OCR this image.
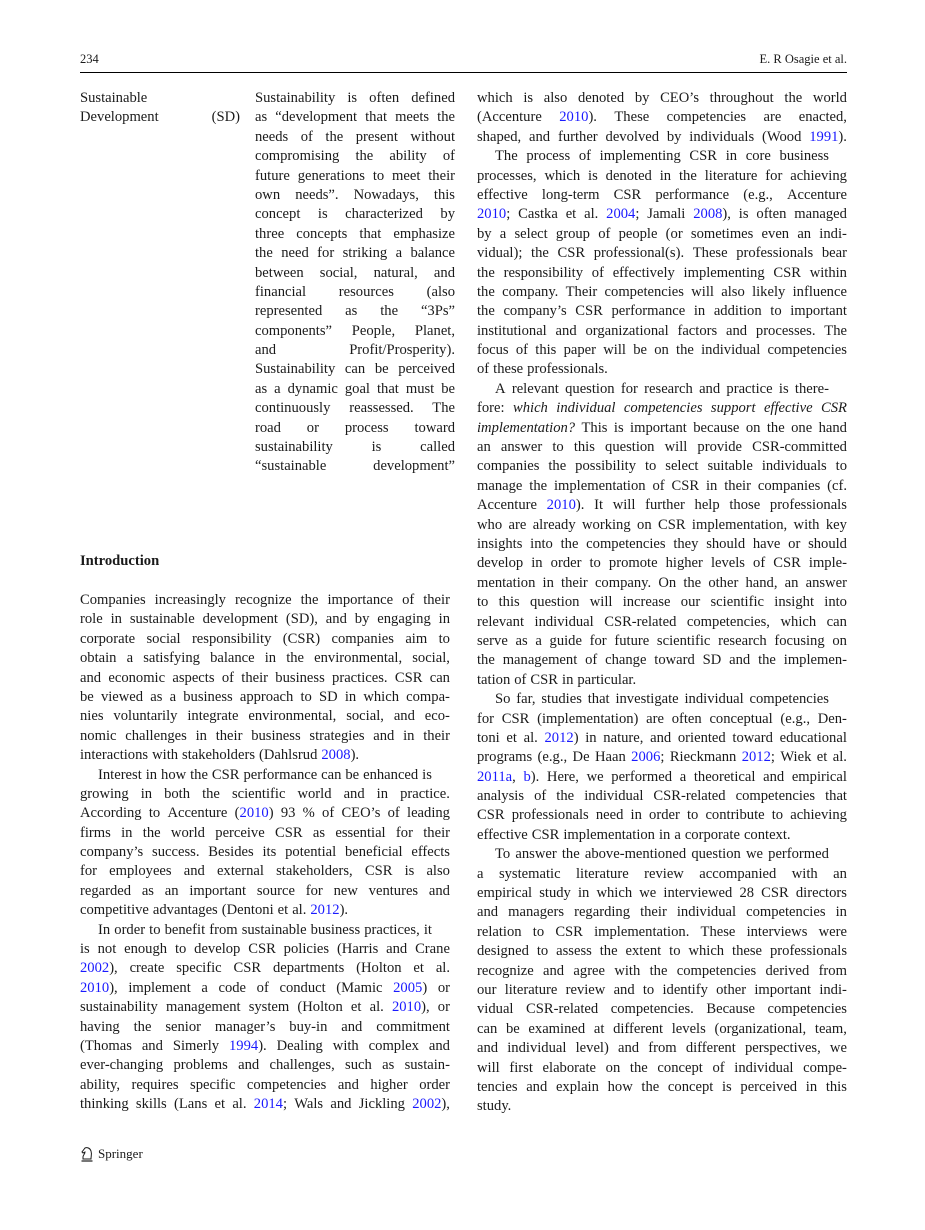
234	E. R Osagie et al.
Sustainable
Development (SD)
Sustainability is often defined
as “development that meets the
needs of the present without
compromising the ability of
future generations to meet their
own needs”. Nowadays, this
concept is characterized by
three concepts that emphasize
the need for striking a balance
between social, natural, and
financial resources (also
represented as the “3Ps”
components” People, Planet,
and Profit/Prosperity).
Sustainability can be perceived
as a dynamic goal that must be
continuously reassessed. The
road or process toward
sustainability is called
“sustainable development”
Introduction
Companies increasingly recognize the importance of their
role in sustainable development (SD), and by engaging in
corporate social responsibility (CSR) companies aim to
obtain a satisfying balance in the environmental, social,
and economic aspects of their business practices. CSR can
be viewed as a business approach to SD in which compa-
nies voluntarily integrate environmental, social, and eco-
nomic challenges in their business strategies and in their
interactions with stakeholders (Dahlsrud 2008).
Interest in how the CSR performance can be enhanced is
growing in both the scientific world and in practice.
According to Accenture (2010) 93 % of CEO’s of leading
firms in the world perceive CSR as essential for their
company’s success. Besides its potential beneficial effects
for employees and external stakeholders, CSR is also
regarded as an important source for new ventures and
competitive advantages (Dentoni et al. 2012).
In order to benefit from sustainable business practices, it
is not enough to develop CSR policies (Harris and Crane
2002), create specific CSR departments (Holton et al.
2010), implement a code of conduct (Mamic 2005) or
sustainability management system (Holton et al. 2010), or
having the senior manager’s buy-in and commitment
(Thomas and Simerly 1994). Dealing with complex and
ever-changing problems and challenges, such as sustain-
ability, requires specific competencies and higher order
thinking skills (Lans et al. 2014; Wals and Jickling 2002),
which is also denoted by CEO’s throughout the world
(Accenture 2010). These competencies are enacted,
shaped, and further devolved by individuals (Wood 1991).
The process of implementing CSR in core business
processes, which is denoted in the literature for achieving
effective long-term CSR performance (e.g., Accenture
2010; Castka et al. 2004; Jamali 2008), is often managed
by a select group of people (or sometimes even an indi-
vidual); the CSR professional(s). These professionals bear
the responsibility of effectively implementing CSR within
the company. Their competencies will also likely influence
the company’s CSR performance in addition to important
institutional and organizational factors and processes. The
focus of this paper will be on the individual competencies
of these professionals.
A relevant question for research and practice is there-
fore: which individual competencies support effective CSR
implementation? This is important because on the one hand
an answer to this question will provide CSR-committed
companies the possibility to select suitable individuals to
manage the implementation of CSR in their companies (cf.
Accenture 2010). It will further help those professionals
who are already working on CSR implementation, with key
insights into the competencies they should have or should
develop in order to promote higher levels of CSR imple-
mentation in their company. On the other hand, an answer
to this question will increase our scientific insight into
relevant individual CSR-related competencies, which can
serve as a guide for future scientific research focusing on
the management of change toward SD and the implemen-
tation of CSR in particular.
So far, studies that investigate individual competencies
for CSR (implementation) are often conceptual (e.g., Den-
toni et al. 2012) in nature, and oriented toward educational
programs (e.g., De Haan 2006; Rieckmann 2012; Wiek et al.
2011a, b). Here, we performed a theoretical and empirical
analysis of the individual CSR-related competencies that
CSR professionals need in order to contribute to achieving
effective CSR implementation in a corporate context.
To answer the above-mentioned question we performed
a systematic literature review accompanied with an
empirical study in which we interviewed 28 CSR directors
and managers regarding their individual competencies in
relation to CSR implementation. These interviews were
designed to assess the extent to which these professionals
recognize and agree with the competencies derived from
our literature review and to identify other important indi-
vidual CSR-related competencies. Because competencies
can be examined at different levels (organizational, team,
and individual level) and from different perspectives, we
will first elaborate on the concept of individual compe-
tencies and explain how the concept is perceived in this
study.
Springer
